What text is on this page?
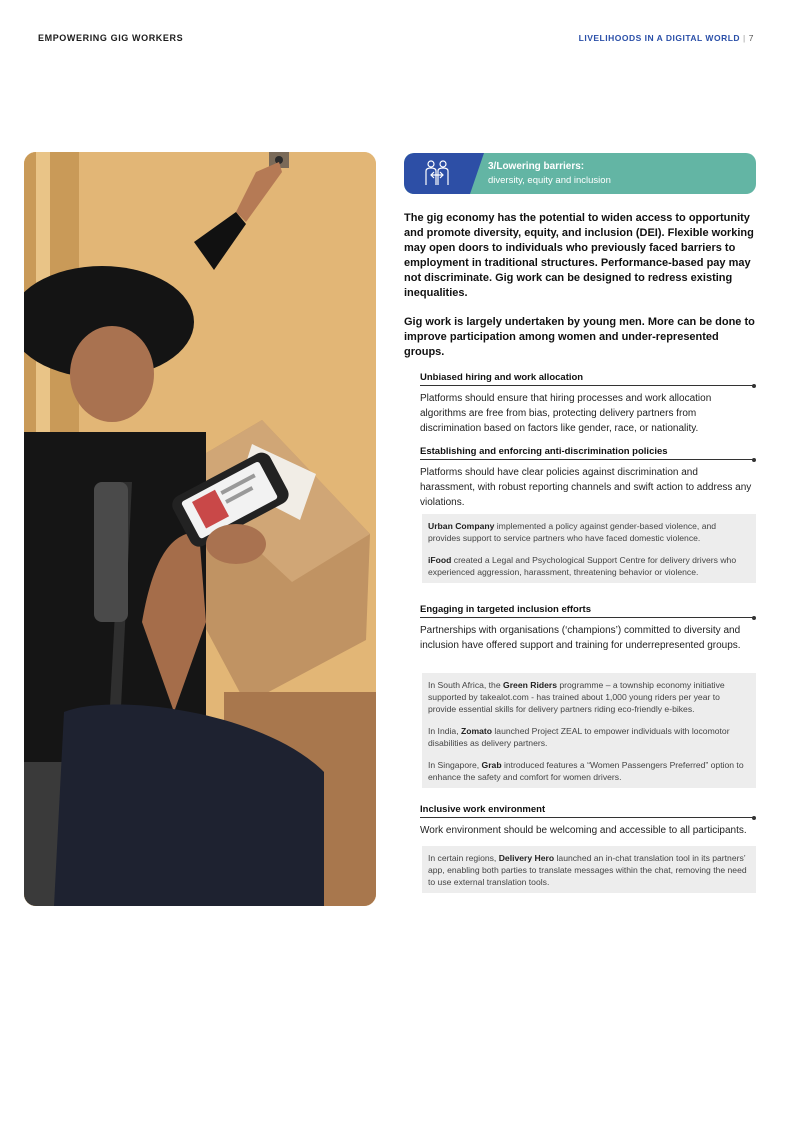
EMPOWERING GIG WORKERS	LIVELIHOODS IN A DIGITAL WORLD | 7
3/Lowering barriers:
diversity, equity and inclusion

The gig economy has the potential to widen access to opportunity and promote diversity, equity, and inclusion (DEI). Flexible working may open doors to individuals who previously faced barriers to employment in traditional structures. Performance-based pay may not discriminate. Gig work can be designed to redress existing inequalities.

Gig work is largely undertaken by young men. More can be done to improve participation among women and under-represented groups.

Unbiased hiring and work allocation

Platforms should ensure that hiring processes and work allocation algorithms are free from bias, protecting delivery partners from discrimination based on factors like gender, race, or nationality.

Establishing and enforcing anti-discrimination policies

Platforms should have clear policies against discrimination and harassment, with robust reporting channels and swift action to address any violations.

Urban Company implemented a policy against gender-based violence, and provides support to service partners who have faced domestic violence.

iFood created a Legal and Psychological Support Centre for delivery drivers who experienced aggression, harassment, threatening behavior or violence.

Engaging in targeted inclusion efforts

Partnerships with organisations (‘champions’) committed to diversity and inclusion have offered support and training for underrepresented groups.

In South Africa, the Green Riders programme – a township economy initiative supported by takealot.com - has trained about 1,000 young riders per year to provide essential skills for delivery partners riding eco-friendly e-bikes.

In India, Zomato launched Project ZEAL to empower individuals with locomotor disabilities as delivery partners.

In Singapore, Grab introduced features a “Women Passengers Preferred” option to enhance the safety and comfort for women drivers.

Inclusive work environment

Work environment should be welcoming and accessible to all participants.

In certain regions, Delivery Hero launched an in-chat translation tool in its partners’ app, enabling both parties to translate messages within the chat, removing the need to use external translation tools.
